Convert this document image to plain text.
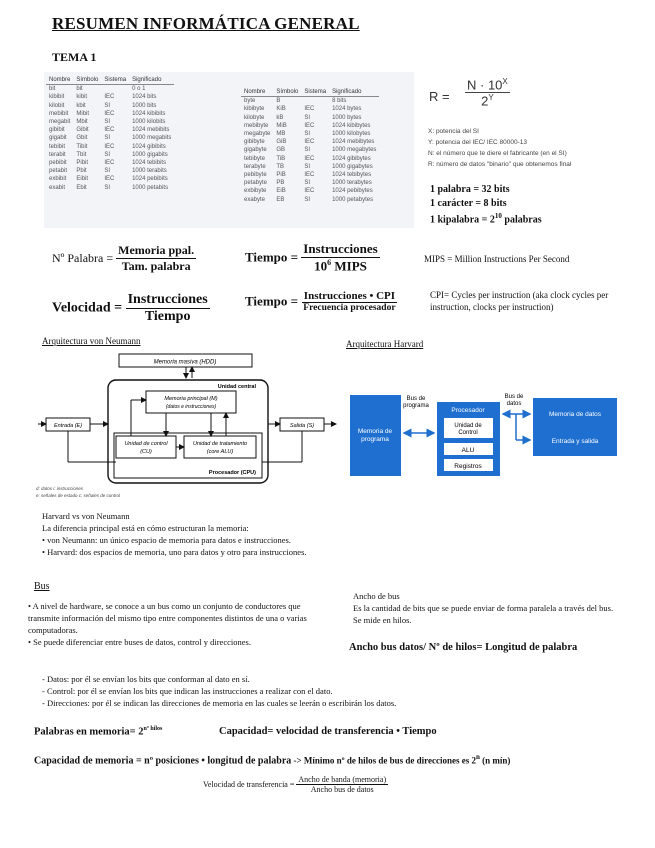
RESUMEN INFORMÁTICA GENERAL
TEMA 1
Nombre	Símbolo	Sistema	Significado
bit	bit		0 o 1
kibibit	kibit	IEC	1024 bits
kilobit	kbit	SI	1000 bits
mebibit	Mibit	IEC	1024 kibibits
megabit	Mbit	SI	1000 kilobits
gibibit	Gibit	IEC	1024 mebibits
gigabit	Gbit	SI	1000 megabits
tebibit	Tibit	IEC	1024 gibibits
terabit	Tbit	SI	1000 gigabits
pebibit	Pibit	IEC	1024 tebibits
petabit	Pbit	SI	1000 terabits
exbibit	Eibit	IEC	1024 pebibits
exabit	Ebit	SI	1000 petabits
Nombre	Símbolo	Sistema	Significado
byte	B		8 bits
kibibyte	KiB	IEC	1024 bytes
kilobyte	kB	SI	1000 bytes
mebibyte	MiB	IEC	1024 kibibytes
megabyte	MB	SI	1000 kilobytes
gibibyte	GiB	IEC	1024 mebibytes
gigabyte	GB	SI	1000 megabytes
tebibyte	TiB	IEC	1024 gibibytes
terabyte	TB	SI	1000 gigabytes
pebibyte	PiB	IEC	1024 tebibytes
petabyte	PB	SI	1000 terabytes
exbibyte	EiB	IEC	1024 pebibytes
exabyte	EB	SI	1000 petabytes
$R = \frac{N \cdot 10^X}{2^Y}$
X: potencia del SI
Y: potencia del IEC/ IEC 80000-13
N: el número que te diere el fabricante (en el SI)
R: número de datos "binario" que obtenemos final
1 palabra = 32 bits
1 carácter = 8 bits
1 kipalabra = $2^{10}$ palabras
Nº Palabra = $\frac{\text{Memoria ppal.}}{\text{Tam. palabra}}$	Tiempo = $\frac{\text{Instrucciones}}{10^6 MIPS}$	MIPS = Million Instructions Per Second
Velocidad = $\frac{\text{Instrucciones}}{\text{Tiempo}}$	Tiempo = $\frac{\text{Instrucciones • CPI}}{\text{Frecuencia procesador}}$	CPI= Cycles per instruction (aka clock cycles per instruction, clocks per instruction)
Arquitectura von Neumann	Arquitectura Harvard
Memoria masiva (HDD)
Unidad central
Memoria principal (M)
(datos e instrucciones)
Unidad de control
(CU)
Unidad de tratamiento
(core ALU)
Procesador (CPU)
Entrada (E)	Salida (S)
d: datos i: instrucciones
e: señales de estado c: señales de control
Memoria de
programa
Bus de
programa
Procesador
Unidad de
Control
ALU
Registros
Bus de
datos
Memoria de datos
Entrada y salida
Harvard vs von Neumann
La diferencia principal está en cómo estructuran la memoria:
• von Neumann: un único espacio de memoria para datos e instrucciones.
• Harvard: dos espacios de memoria, uno para datos y otro para instrucciones.
Bus
• A nivel de hardware, se conoce a un bus como un conjunto de conductores que transmite información del mismo tipo entre componentes distintos de una o varias computadoras.
• Se puede diferenciar entre buses de datos, control y direcciones.
Ancho de bus
Es la cantidad de bits que se puede enviar de forma paralela a través del bus. Se mide en hilos.
Ancho bus datos/ Nº de hilos= Longitud de palabra
- Datos: por él se envían los bits que conforman al dato en sí.
- Control: por él se envían los bits que indican las instrucciones a realizar con el dato.
- Direcciones: por él se indican las direcciones de memoria en las cuales se leerán o escribirán los datos.
Palabras en memoria= $2^{nº hilos}$	Capacidad= velocidad de transferencia • Tiempo
Capacidad de memoria = nº posiciones • longitud de palabra -> Mínimo nº de hilos de bus de direcciones es 2$^n$ (n mín)
Velocidad de transferencia = $\frac{\text{Ancho de banda (memoria)}}{\text{Ancho bus de datos}}$
